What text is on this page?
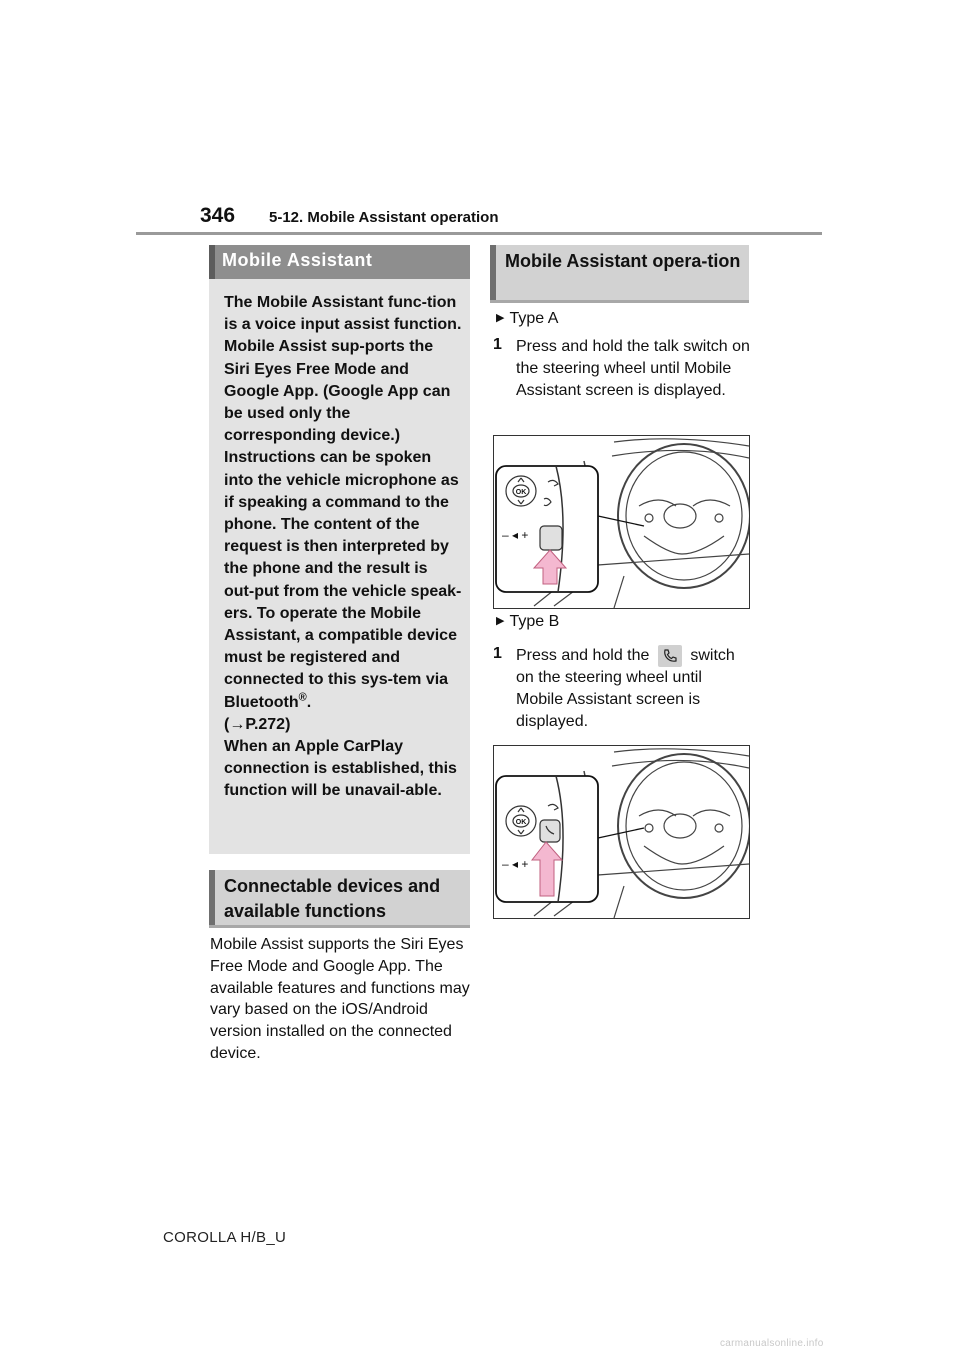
346 5-12. Mobile Assistant operation
Mobile Assistant
The Mobile Assistant func-tion is a voice input assist function. Mobile Assist sup-ports the Siri Eyes Free Mode and Google App. (Google App can be used only the corresponding device.) Instructions can be spoken into the vehicle microphone as if speaking a command to the phone. The content of the request is then interpreted by the phone and the result is out-put from the vehicle speak-ers. To operate the Mobile Assistant, a compatible device must be registered and connected to this sys-tem via Bluetooth®.
(→P.272)
When an Apple CarPlay connection is established, this function will be unavail-able.
Connectable devices and available functions
Mobile Assist supports the Siri Eyes Free Mode and Google App. The available features and functions may vary based on the iOS/Android version installed on the connected device.
Mobile Assistant opera-tion
▶ Type A
1 Press and hold the talk switch on the steering wheel until Mobile Assistant screen is displayed.
OK
– ◂ +
▶ Type B
1 Press and hold the	switch on the steering wheel until Mobile Assistant screen is displayed.
OK
– ◂ +
COROLLA H/B_U
carmanualsonline.info
